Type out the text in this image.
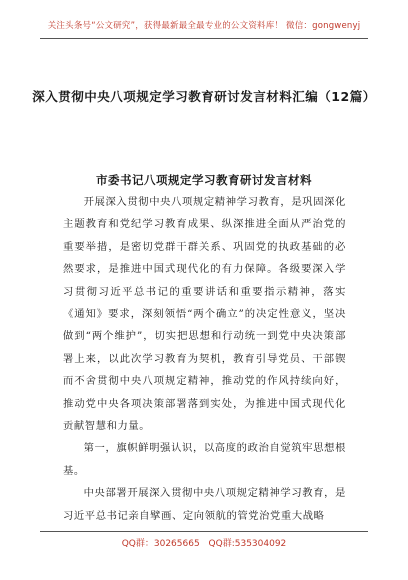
关注头条号“公文研究”，获得最新最全最专业的公文资料库！ 微信：gongwenyj
深入贯彻中央八项规定学习教育研讨发言材料汇编（12篇）
市委书记八项规定学习教育研讨发言材料

开展深入贯彻中央八项规定精神学习教育，是巩固深化主题教育和党纪学习教育成果、纵深推进全面从严治党的重要举措，是密切党群干群关系、巩固党的执政基础的必然要求，是推进中国式现代化的有力保障。各级要深入学习贯彻习近平总书记的重要讲话和重要指示精神，落实《通知》要求，深刻领悟“两个确立”的决定性意义，坚决做到“两个维护”，切实把思想和行动统一到党中央决策部署上来，以此次学习教育为契机，教育引导党员、干部锲而不舍贯彻中央八项规定精神，推动党的作风持续向好，推动党中央各项决策部署落到实处，为推进中国式现代化贡献智慧和力量。

第一，旗帜鲜明强认识，以高度的政治自觉筑牢思想根基。

中央部署开展深入贯彻中央八项规定精神学习教育，是习近平总书记亲自擘画、定向领航的管党治党重大战略

QQ群：30265665 QQ群:535304092
